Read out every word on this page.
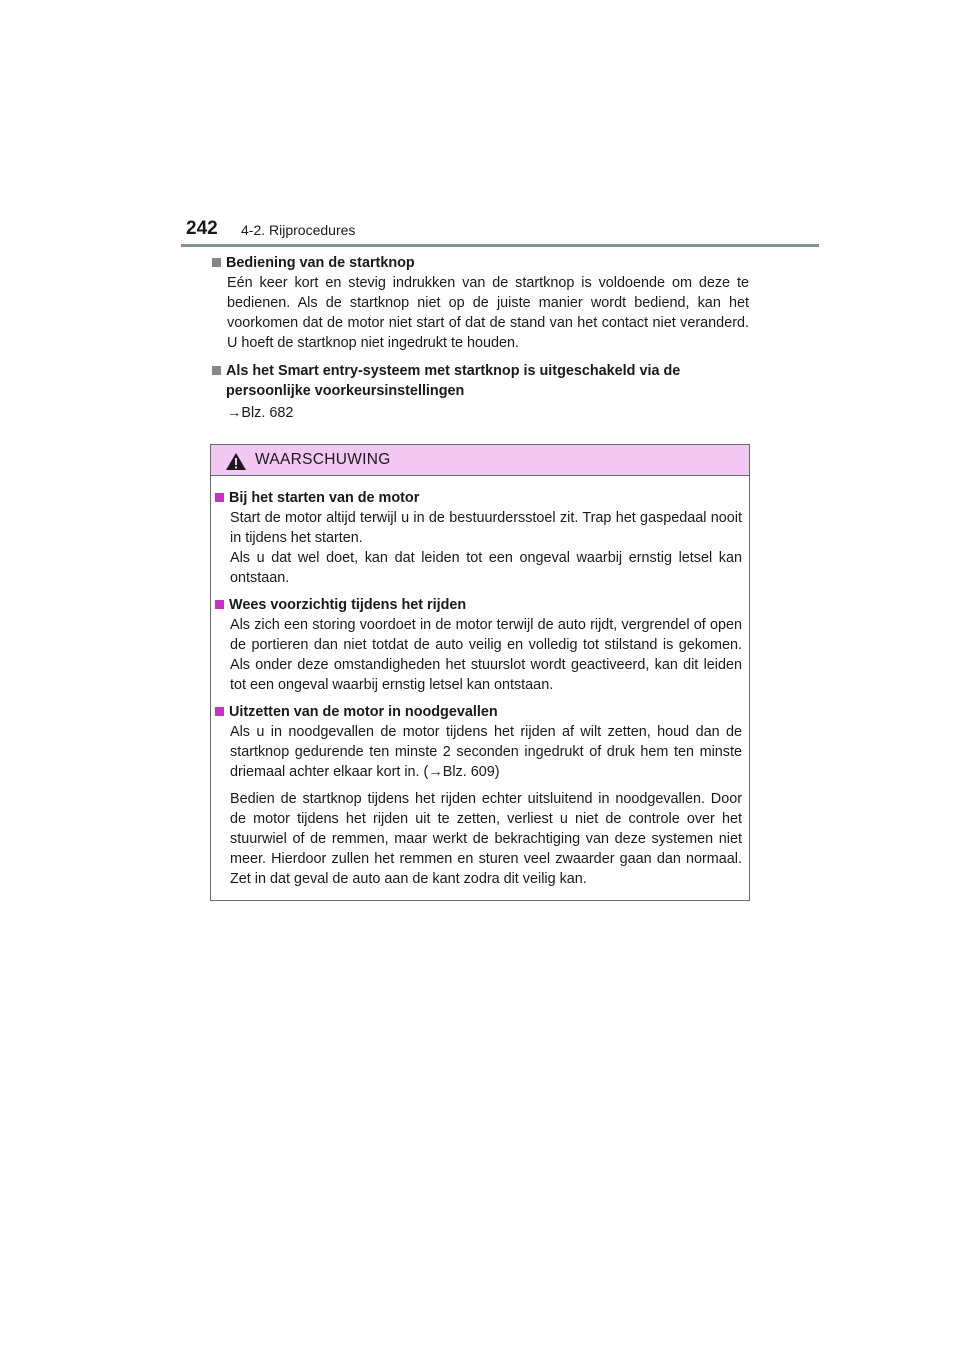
242 4-2. Rijprocedures
Bediening van de startknop
Eén keer kort en stevig indrukken van de startknop is voldoende om deze te bedienen. Als de startknop niet op de juiste manier wordt bediend, kan het voorkomen dat de motor niet start of dat de stand van het contact niet veranderd. U hoeft de startknop niet ingedrukt te houden.
Als het Smart entry-systeem met startknop is uitgeschakeld via de persoonlijke voorkeursinstellingen
→Blz. 682
WAARSCHUWING
Bij het starten van de motor
Start de motor altijd terwijl u in de bestuurdersstoel zit. Trap het gaspedaal nooit in tijdens het starten.
Als u dat wel doet, kan dat leiden tot een ongeval waarbij ernstig letsel kan ontstaan.
Wees voorzichtig tijdens het rijden
Als zich een storing voordoet in de motor terwijl de auto rijdt, vergrendel of open de portieren dan niet totdat de auto veilig en volledig tot stilstand is gekomen. Als onder deze omstandigheden het stuurslot wordt geactiveerd, kan dit leiden tot een ongeval waarbij ernstig letsel kan ontstaan.
Uitzetten van de motor in noodgevallen
Als u in noodgevallen de motor tijdens het rijden af wilt zetten, houd dan de startknop gedurende ten minste 2 seconden ingedrukt of druk hem ten minste driemaal achter elkaar kort in. (→Blz. 609)
Bedien de startknop tijdens het rijden echter uitsluitend in noodgevallen. Door de motor tijdens het rijden uit te zetten, verliest u niet de controle over het stuurwiel of de remmen, maar werkt de bekrachtiging van deze systemen niet meer. Hierdoor zullen het remmen en sturen veel zwaarder gaan dan normaal. Zet in dat geval de auto aan de kant zodra dit veilig kan.
